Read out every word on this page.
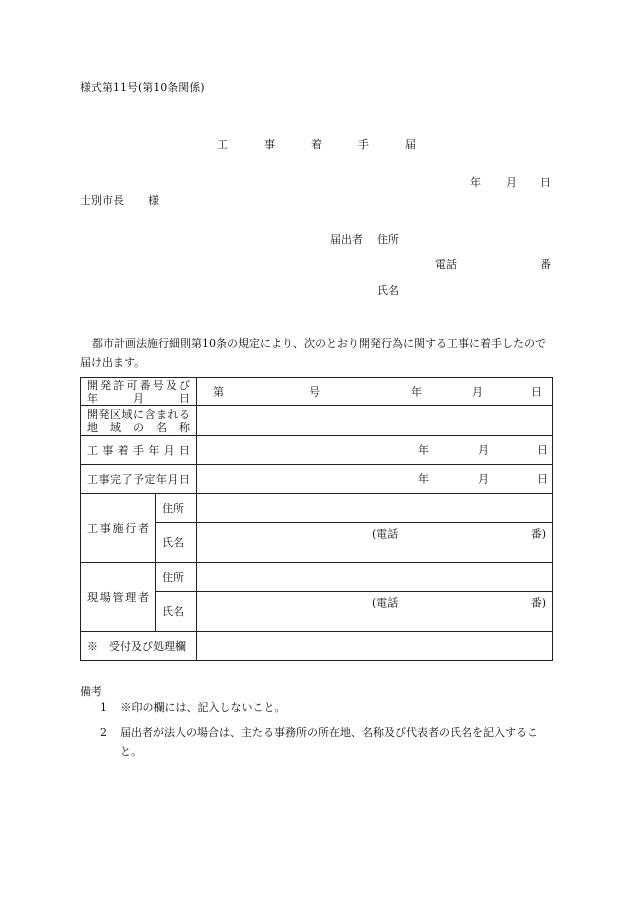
様式第11号(第10条関係)
工	事	着	手	届
年 月 日
士別市長 様
届出者 住所
電話	番
氏名
都市計画法施行細則第10条の規定により、次のとおり開発行為に関する工事に着手したので届け出ます。
開発許可番号及び
年　月　日		第 号 年 月 日

開発区域に含まれる
地域の名称		

工事着手年月日		年 月 日

工事完了予定年月日		年 月 日

工事施行者	住所	
	氏名	(電話 番)

現場管理者	住所	
	氏名	(電話 番)

※　受付及び処理欄		
備考
1 ※印の欄には、記入しないこと。
2	届出者が法人の場合は、主たる事務所の所在地、名称及び代表者の氏名を記入すること。
